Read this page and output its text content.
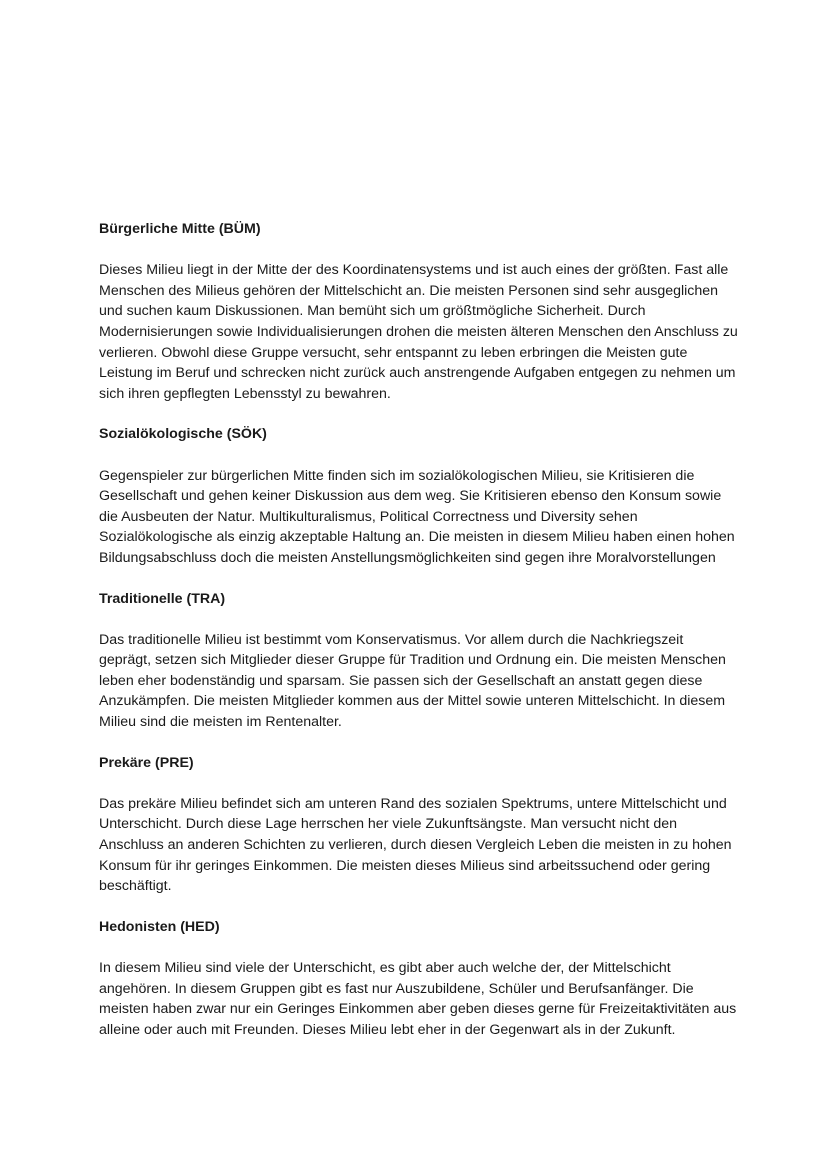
Bürgerliche Mitte (BÜM)

Dieses Milieu liegt in der Mitte der des Koordinatensystems und ist auch eines der größten. Fast alle Menschen des Milieus gehören der Mittelschicht an. Die meisten Personen sind sehr ausgeglichen und suchen kaum Diskussionen. Man bemüht sich um größtmögliche Sicherheit. Durch Modernisierungen sowie Individualisierungen drohen die meisten älteren Menschen den Anschluss zu verlieren. Obwohl diese Gruppe versucht, sehr entspannt zu leben erbringen die Meisten gute Leistung im Beruf und schrecken nicht zurück auch anstrengende Aufgaben entgegen zu nehmen um sich ihren gepflegten Lebensstyl zu bewahren.

Sozialökologische (SÖK)

Gegenspieler zur bürgerlichen Mitte finden sich im sozialökologischen Milieu, sie Kritisieren die Gesellschaft und gehen keiner Diskussion aus dem weg. Sie Kritisieren ebenso den Konsum sowie die Ausbeuten der Natur. Multikulturalismus, Political Correctness und Diversity sehen Sozialökologische als einzig akzeptable Haltung an. Die meisten in diesem Milieu haben einen hohen Bildungsabschluss doch die meisten Anstellungsmöglichkeiten sind gegen ihre Moralvorstellungen

Traditionelle (TRA)

Das traditionelle Milieu ist bestimmt vom Konservatismus. Vor allem durch die Nachkriegszeit geprägt, setzen sich Mitglieder dieser Gruppe für Tradition und Ordnung ein. Die meisten Menschen leben eher bodenständig und sparsam. Sie passen sich der Gesellschaft an anstatt gegen diese Anzukämpfen. Die meisten Mitglieder kommen aus der Mittel sowie unteren Mittelschicht. In diesem Milieu sind die meisten im Rentenalter.

Prekäre (PRE)

Das prekäre Milieu befindet sich am unteren Rand des sozialen Spektrums, untere Mittelschicht und Unterschicht. Durch diese Lage herrschen her viele Zukunftsängste. Man versucht nicht den Anschluss an anderen Schichten zu verlieren, durch diesen Vergleich Leben die meisten in zu hohen Konsum für ihr geringes Einkommen. Die meisten dieses Milieus sind arbeitssuchend oder gering beschäftigt.

Hedonisten (HED)

In diesem Milieu sind viele der Unterschicht, es gibt aber auch welche der, der Mittelschicht angehören. In diesem Gruppen gibt es fast nur Auszubildene, Schüler und Berufsanfänger. Die meisten haben zwar nur ein Geringes Einkommen aber geben dieses gerne für Freizeitaktivitäten aus alleine oder auch mit Freunden. Dieses Milieu lebt eher in der Gegenwart als in der Zukunft.
